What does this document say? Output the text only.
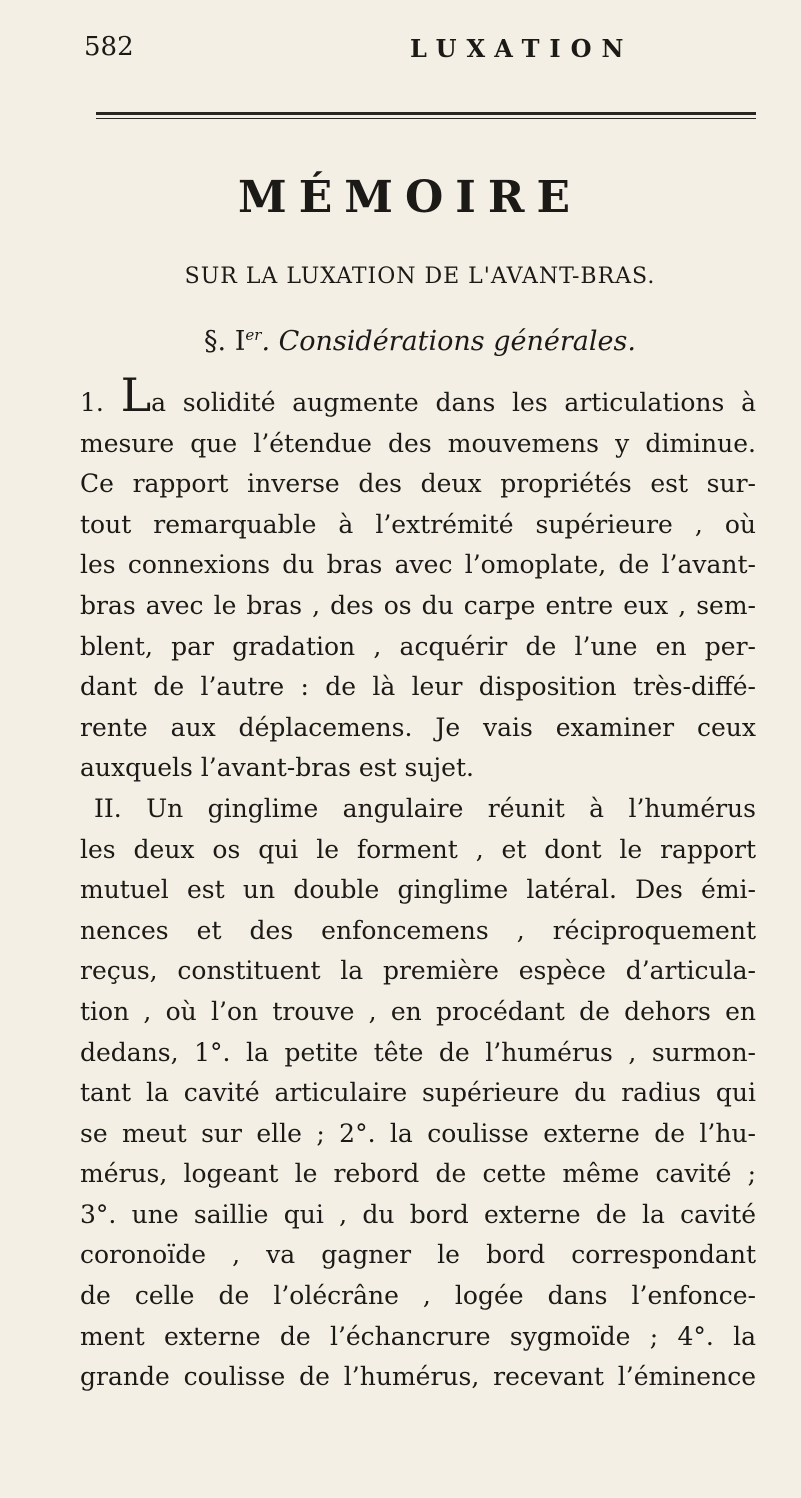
582	LUXATION
MÉMOIRE
SUR LA LUXATION DE L'AVANT-BRAS.
§. Ier. Considérations générales.
1. La solidité augmente dans les articulations à
mesure que l’étendue des mouvemens y diminue.
Ce rapport inverse des deux propriétés est sur-
tout remarquable à l’extrémité supérieure , où
les connexions du bras avec l’omoplate, de l’avant-
bras avec le bras , des os du carpe entre eux , sem-
blent, par gradation , acquérir de l’une en per-
dant de l’autre : de là leur disposition très-diffé-
rente aux déplacemens. Je vais examiner ceux
auxquels l’avant-bras est sujet.
II. Un ginglime angulaire réunit à l’humérus
les deux os qui le forment , et dont le rapport
mutuel est un double ginglime latéral. Des émi-
nences et des enfoncemens , réciproquement
reçus, constituent la première espèce d’articula-
tion , où l’on trouve , en procédant de dehors en
dedans, 1°. la petite tête de l’humérus , surmon-
tant la cavité articulaire supérieure du radius qui
se meut sur elle ; 2°. la coulisse externe de l’hu-
mérus, logeant le rebord de cette même cavité ;
3°. une saillie qui , du bord externe de la cavité
coronoïde , va gagner le bord correspondant
de celle de l’olécrâne , logée dans l’enfonce-
ment externe de l’échancrure sygmoïde ; 4°. la
grande coulisse de l’humérus, recevant l’éminence
